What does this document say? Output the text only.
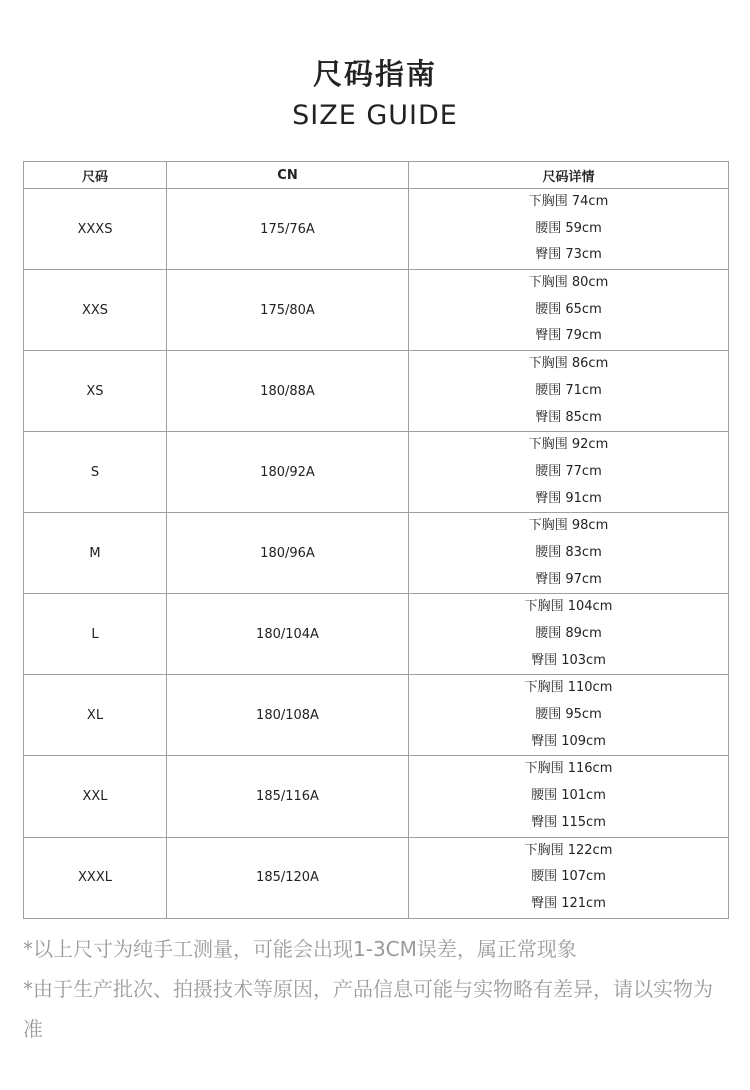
尺码指南
SIZE GUIDE
尺码	CN	尺码详情
XXXS	175/76A	下胸围 74cm
腰围 59cm
臀围 73cm

XXS	175/80A	下胸围 80cm
腰围 65cm
臀围 79cm

XS	180/88A	下胸围 86cm
腰围 71cm
臀围 85cm

S	180/92A	下胸围 92cm
腰围 77cm
臀围 91cm

M	180/96A	下胸围 98cm
腰围 83cm
臀围 97cm

L	180/104A	下胸围 104cm
腰围 89cm
臀围 103cm

XL	180/108A	下胸围 110cm
腰围 95cm
臀围 109cm

XXL	185/116A	下胸围 116cm
腰围 101cm
臀围 115cm

XXXL	185/120A	下胸围 122cm
腰围 107cm
臀围 121cm
*以上尺寸为纯手工测量，可能会出现1-3CM误差，属正常现象
*由于生产批次、拍摄技术等原因，产品信息可能与实物略有差异，请以实物为准
